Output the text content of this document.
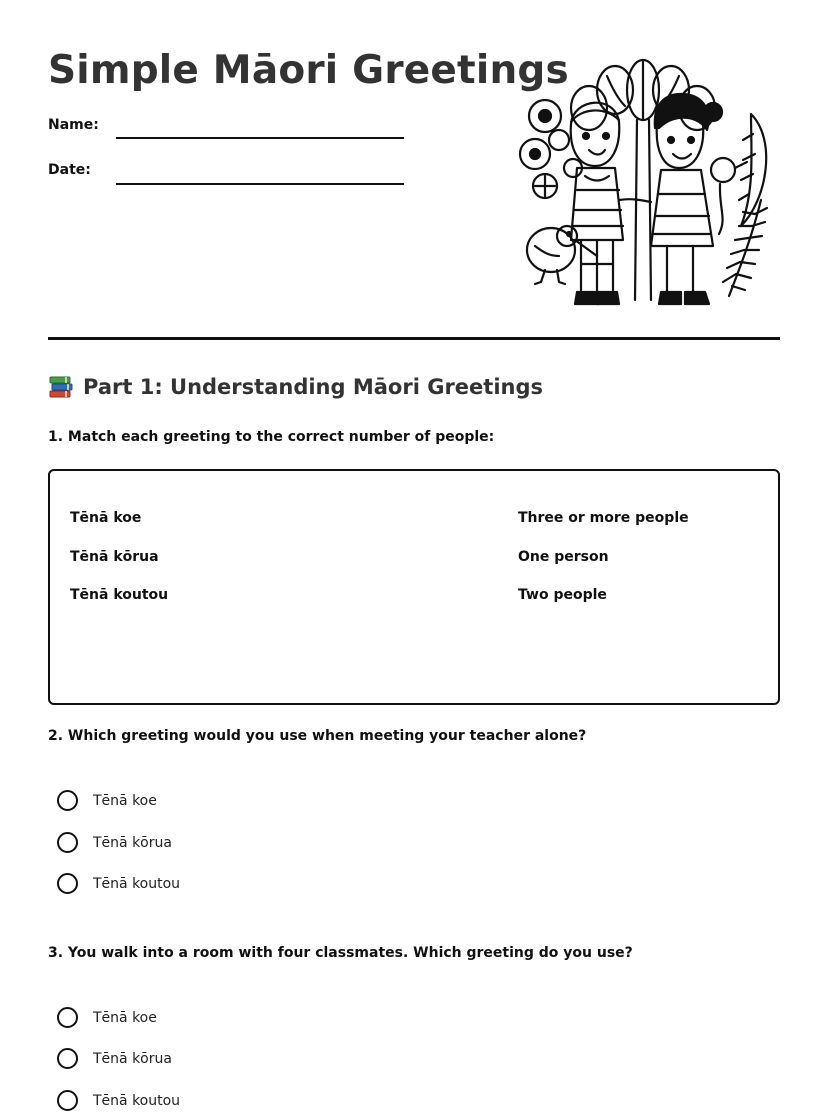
Simple Māori Greetings
Name:
Date:
Part 1: Understanding Māori Greetings

1. Match each greeting to the correct number of people:

Tēnā koe
Tēnā kōrua
Tēnā koutou
Three or more people
One person
Two people

2. Which greeting would you use when meeting your teacher alone?

Tēnā koe
Tēnā kōrua
Tēnā koutou

3. You walk into a room with four classmates. Which greeting do you use?

Tēnā koe
Tēnā kōrua
Tēnā koutou
